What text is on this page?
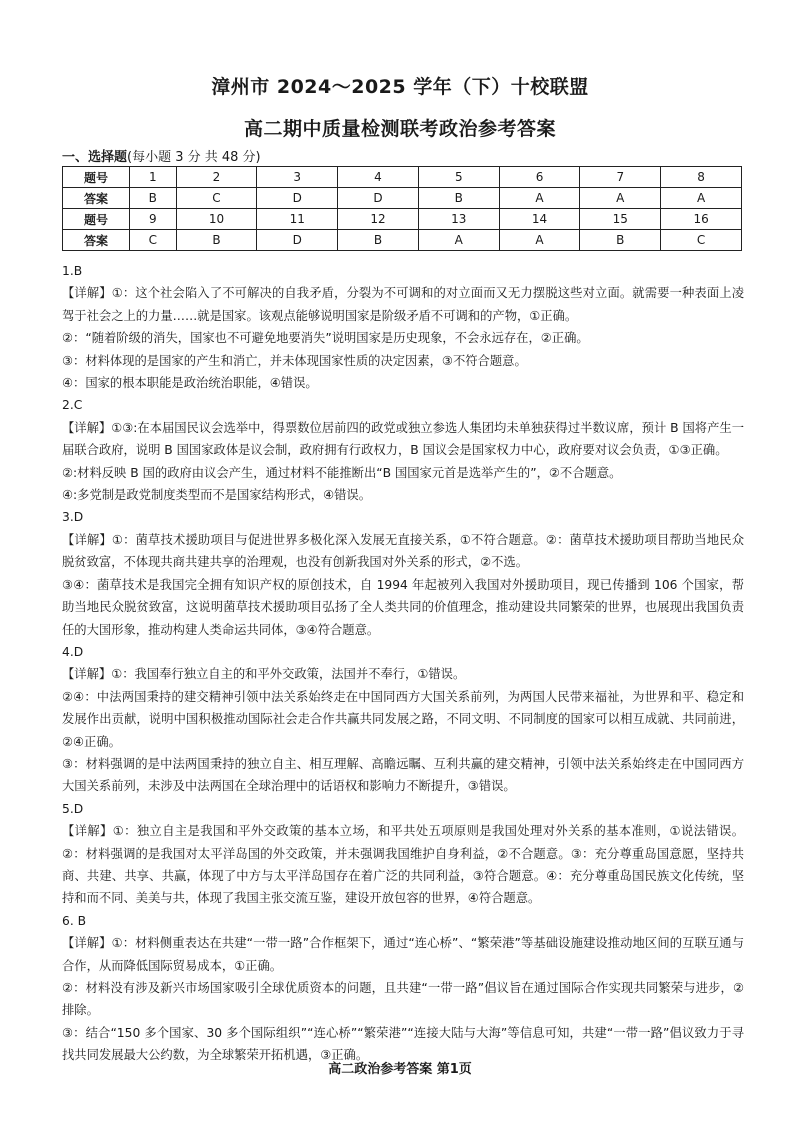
漳州市 2024～2025 学年（下）十校联盟
高二期中质量检测联考政治参考答案
一、选择题(每小题 3 分 共 48 分)
题号	1	2	3	4	5	6	7	8
答案	B	C	D	D	B	A	A	A
题号	9	10	11	12	13	14	15	16
答案	C	B	D	B	A	A	B	C

1.B

【详解】①：这个社会陷入了不可解决的自我矛盾，分裂为不可调和的对立面而又无力摆脱这些对立面。就需要一种表面上凌驾于社会之上的力量……就是国家。该观点能够说明国家是阶级矛盾不可调和的产物，①正确。

②：“随着阶级的消失，国家也不可避免地要消失”说明国家是历史现象，不会永远存在，②正确。

③：材料体现的是国家的产生和消亡，并未体现国家性质的决定因素，③不符合题意。

④：国家的根本职能是政治统治职能，④错误。

2.C

【详解】①③:在本届国民议会选举中，得票数位居前四的政党或独立参选人集团均未单独获得过半数议席，预计 B 国将产生一届联合政府，说明 B 国国家政体是议会制，政府拥有行政权力，B 国议会是国家权力中心，政府要对议会负责，①③正确。

②:材料反映 B 国的政府由议会产生，通过材料不能推断出“B 国国家元首是选举产生的”，②不合题意。

④:多党制是政党制度类型而不是国家结构形式，④错误。

3.D

【详解】①：菌草技术援助项目与促进世界多极化深入发展无直接关系，①不符合题意。②：菌草技术援助项目帮助当地民众脱贫致富，不体现共商共建共享的治理观，也没有创新我国对外关系的形式，②不选。

③④：菌草技术是我国完全拥有知识产权的原创技术，自 1994 年起被列入我国对外援助项目，现已传播到 106 个国家，帮助当地民众脱贫致富，这说明菌草技术援助项目弘扬了全人类共同的价值理念，推动建设共同繁荣的世界，也展现出我国负责任的大国形象，推动构建人类命运共同体，③④符合题意。

4.D

【详解】①：我国奉行独立自主的和平外交政策，法国并不奉行，①错误。

②④：中法两国秉持的建交精神引领中法关系始终走在中国同西方大国关系前列，为两国人民带来福祉，为世界和平、稳定和发展作出贡献，说明中国积极推动国际社会走合作共赢共同发展之路，不同文明、不同制度的国家可以相互成就、共同前进，②④正确。

③：材料强调的是中法两国秉持的独立自主、相互理解、高瞻远瞩、互利共赢的建交精神，引领中法关系始终走在中国同西方大国关系前列，未涉及中法两国在全球治理中的话语权和影响力不断提升，③错误。

5.D

【详解】①：独立自主是我国和平外交政策的基本立场，和平共处五项原则是我国处理对外关系的基本准则，①说法错误。②：材料强调的是我国对太平洋岛国的外交政策，并未强调我国维护自身利益，②不合题意。③：充分尊重岛国意愿，坚持共商、共建、共享、共赢，体现了中方与太平洋岛国存在着广泛的共同利益，③符合题意。④：充分尊重岛国民族文化传统，坚持和而不同、美美与共，体现了我国主张交流互鉴，建设开放包容的世界，④符合题意。

6. B

【详解】①：材料侧重表达在共建“一带一路”合作框架下，通过“连心桥”、“繁荣港”等基础设施建设推动地区间的互联互通与合作，从而降低国际贸易成本，①正确。

②：材料没有涉及新兴市场国家吸引全球优质资本的问题，且共建“一带一路”倡议旨在通过国际合作实现共同繁荣与进步，②排除。

③：结合“150 多个国家、30 多个国际组织”“连心桥”“繁荣港”“连接大陆与大海”等信息可知，共建“一带一路”倡议致力于寻找共同发展最大公约数，为全球繁荣开拓机遇，③正确。

高二政治参考答案 第1页
